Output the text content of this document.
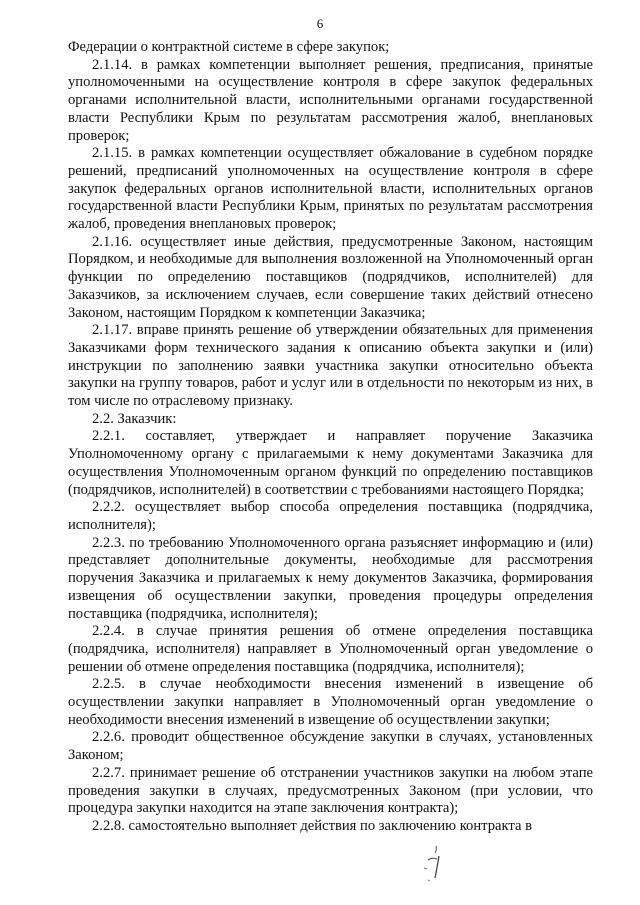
6

Федерации о контрактной системе в сфере закупок;

2.1.14. в рамках компетенции выполняет решения, предписания, принятые уполномоченными на осуществление контроля в сфере закупок федеральных органами исполнительной власти, исполнительными органами государственной власти Республики Крым по результатам рассмотрения жалоб, внеплановых проверок;

2.1.15. в рамках компетенции осуществляет обжалование в судебном порядке решений, предписаний уполномоченных на осуществление контроля в сфере закупок федеральных органов исполнительной власти, исполнительных органов государственной власти Республики Крым, принятых по результатам рассмотрения жалоб, проведения внеплановых проверок;

2.1.16. осуществляет иные действия, предусмотренные Законом, настоящим Порядком, и необходимые для выполнения возложенной на Уполномоченный орган функции по определению поставщиков (подрядчиков, исполнителей) для Заказчиков, за исключением случаев, если совершение таких действий отнесено Законом, настоящим Порядком к компетенции Заказчика;

2.1.17. вправе принять решение об утверждении обязательных для применения Заказчиками форм технического задания к описанию объекта закупки и (или) инструкции по заполнению заявки участника закупки относительно объекта закупки на группу товаров, работ и услуг или в отдельности по некоторым из них, в том числе по отраслевому признаку.

2.2. Заказчик:

2.2.1. составляет, утверждает и направляет поручение Заказчика Уполномоченному органу с прилагаемыми к нему документами Заказчика для осуществления Уполномоченным органом функций по определению поставщиков (подрядчиков, исполнителей) в соответствии с требованиями настоящего Порядка;

2.2.2. осуществляет выбор способа определения поставщика (подрядчика, исполнителя);

2.2.3. по требованию Уполномоченного органа разъясняет информацию и (или) представляет дополнительные документы, необходимые для рассмотрения поручения Заказчика и прилагаемых к нему документов Заказчика, формирования извещения об осуществлении закупки, проведения процедуры определения поставщика (подрядчика, исполнителя);

2.2.4. в случае принятия решения об отмене определения поставщика (подрядчика, исполнителя) направляет в Уполномоченный орган уведомление о решении об отмене определения поставщика (подрядчика, исполнителя);

2.2.5. в случае необходимости внесения изменений в извещение об осуществлении закупки направляет в Уполномоченный орган уведомление о необходимости внесения изменений в извещение об осуществлении закупки;

2.2.6. проводит общественное обсуждение закупки в случаях, установленных Законом;

2.2.7. принимает решение об отстранении участников закупки на любом этапе проведения закупки в случаях, предусмотренных Законом (при условии, что процедура закупки находится на этапе заключения контракта);

2.2.8. самостоятельно выполняет действия по заключению контракта в
